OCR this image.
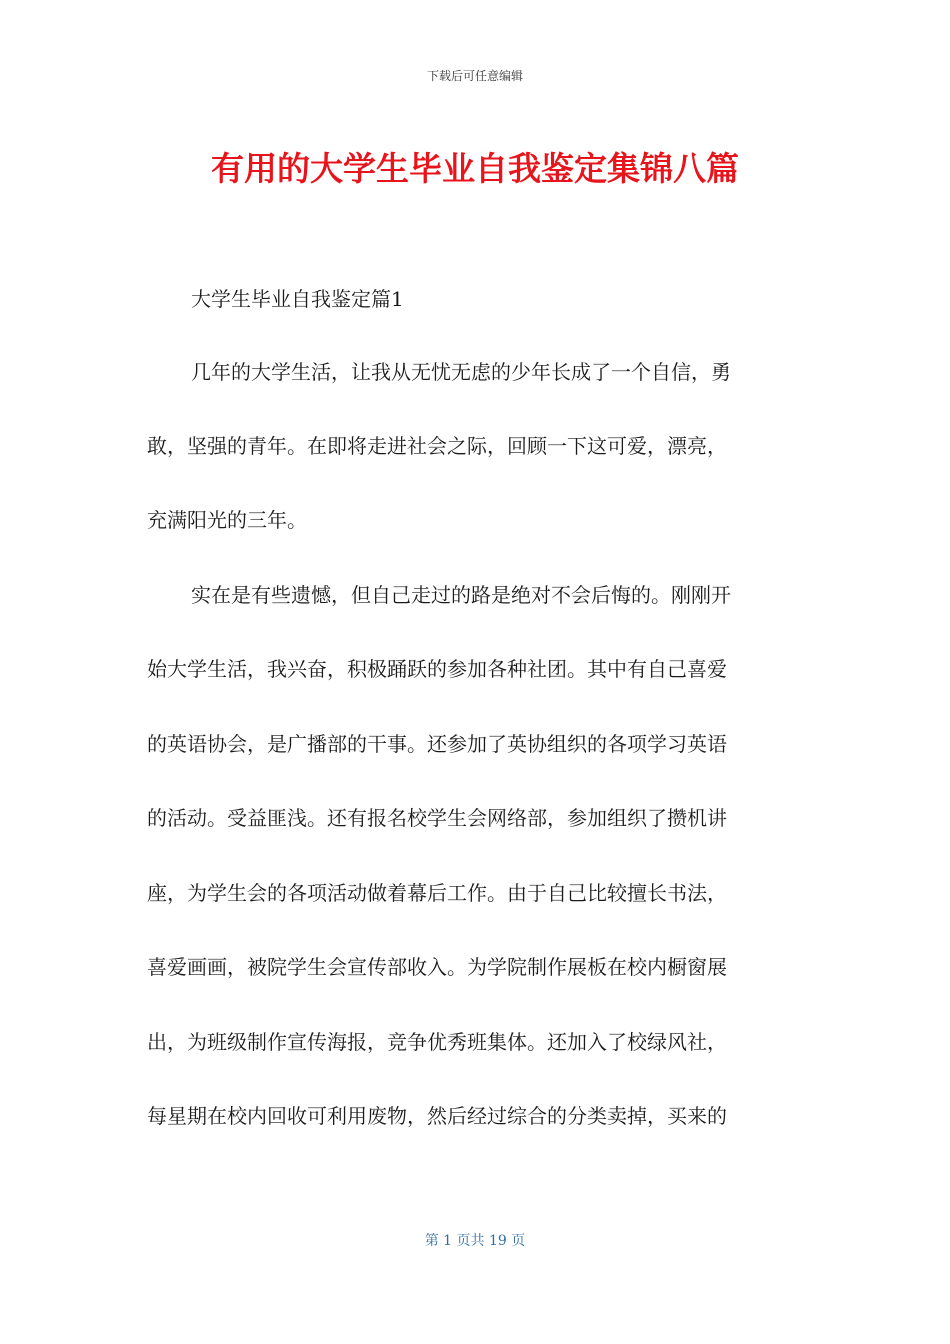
下载后可任意编辑
有用的大学生毕业自我鉴定集锦八篇
大学生毕业自我鉴定篇1
几年的大学生活，让我从无忧无虑的少年长成了一个自信，勇
敢，坚强的青年。在即将走进社会之际，回顾一下这可爱，漂亮，
充满阳光的三年。
实在是有些遗憾，但自己走过的路是绝对不会后悔的。刚刚开
始大学生活，我兴奋，积极踊跃的参加各种社团。其中有自己喜爱
的英语协会，是广播部的干事。还参加了英协组织的各项学习英语
的活动。受益匪浅。还有报名校学生会网络部，参加组织了攒机讲
座，为学生会的各项活动做着幕后工作。由于自己比较擅长书法，
喜爱画画，被院学生会宣传部收入。为学院制作展板在校内橱窗展
出，为班级制作宣传海报，竞争优秀班集体。还加入了校绿风社，
每星期在校内回收可利用废物，然后经过综合的分类卖掉，买来的
第 1 页共 19 页
